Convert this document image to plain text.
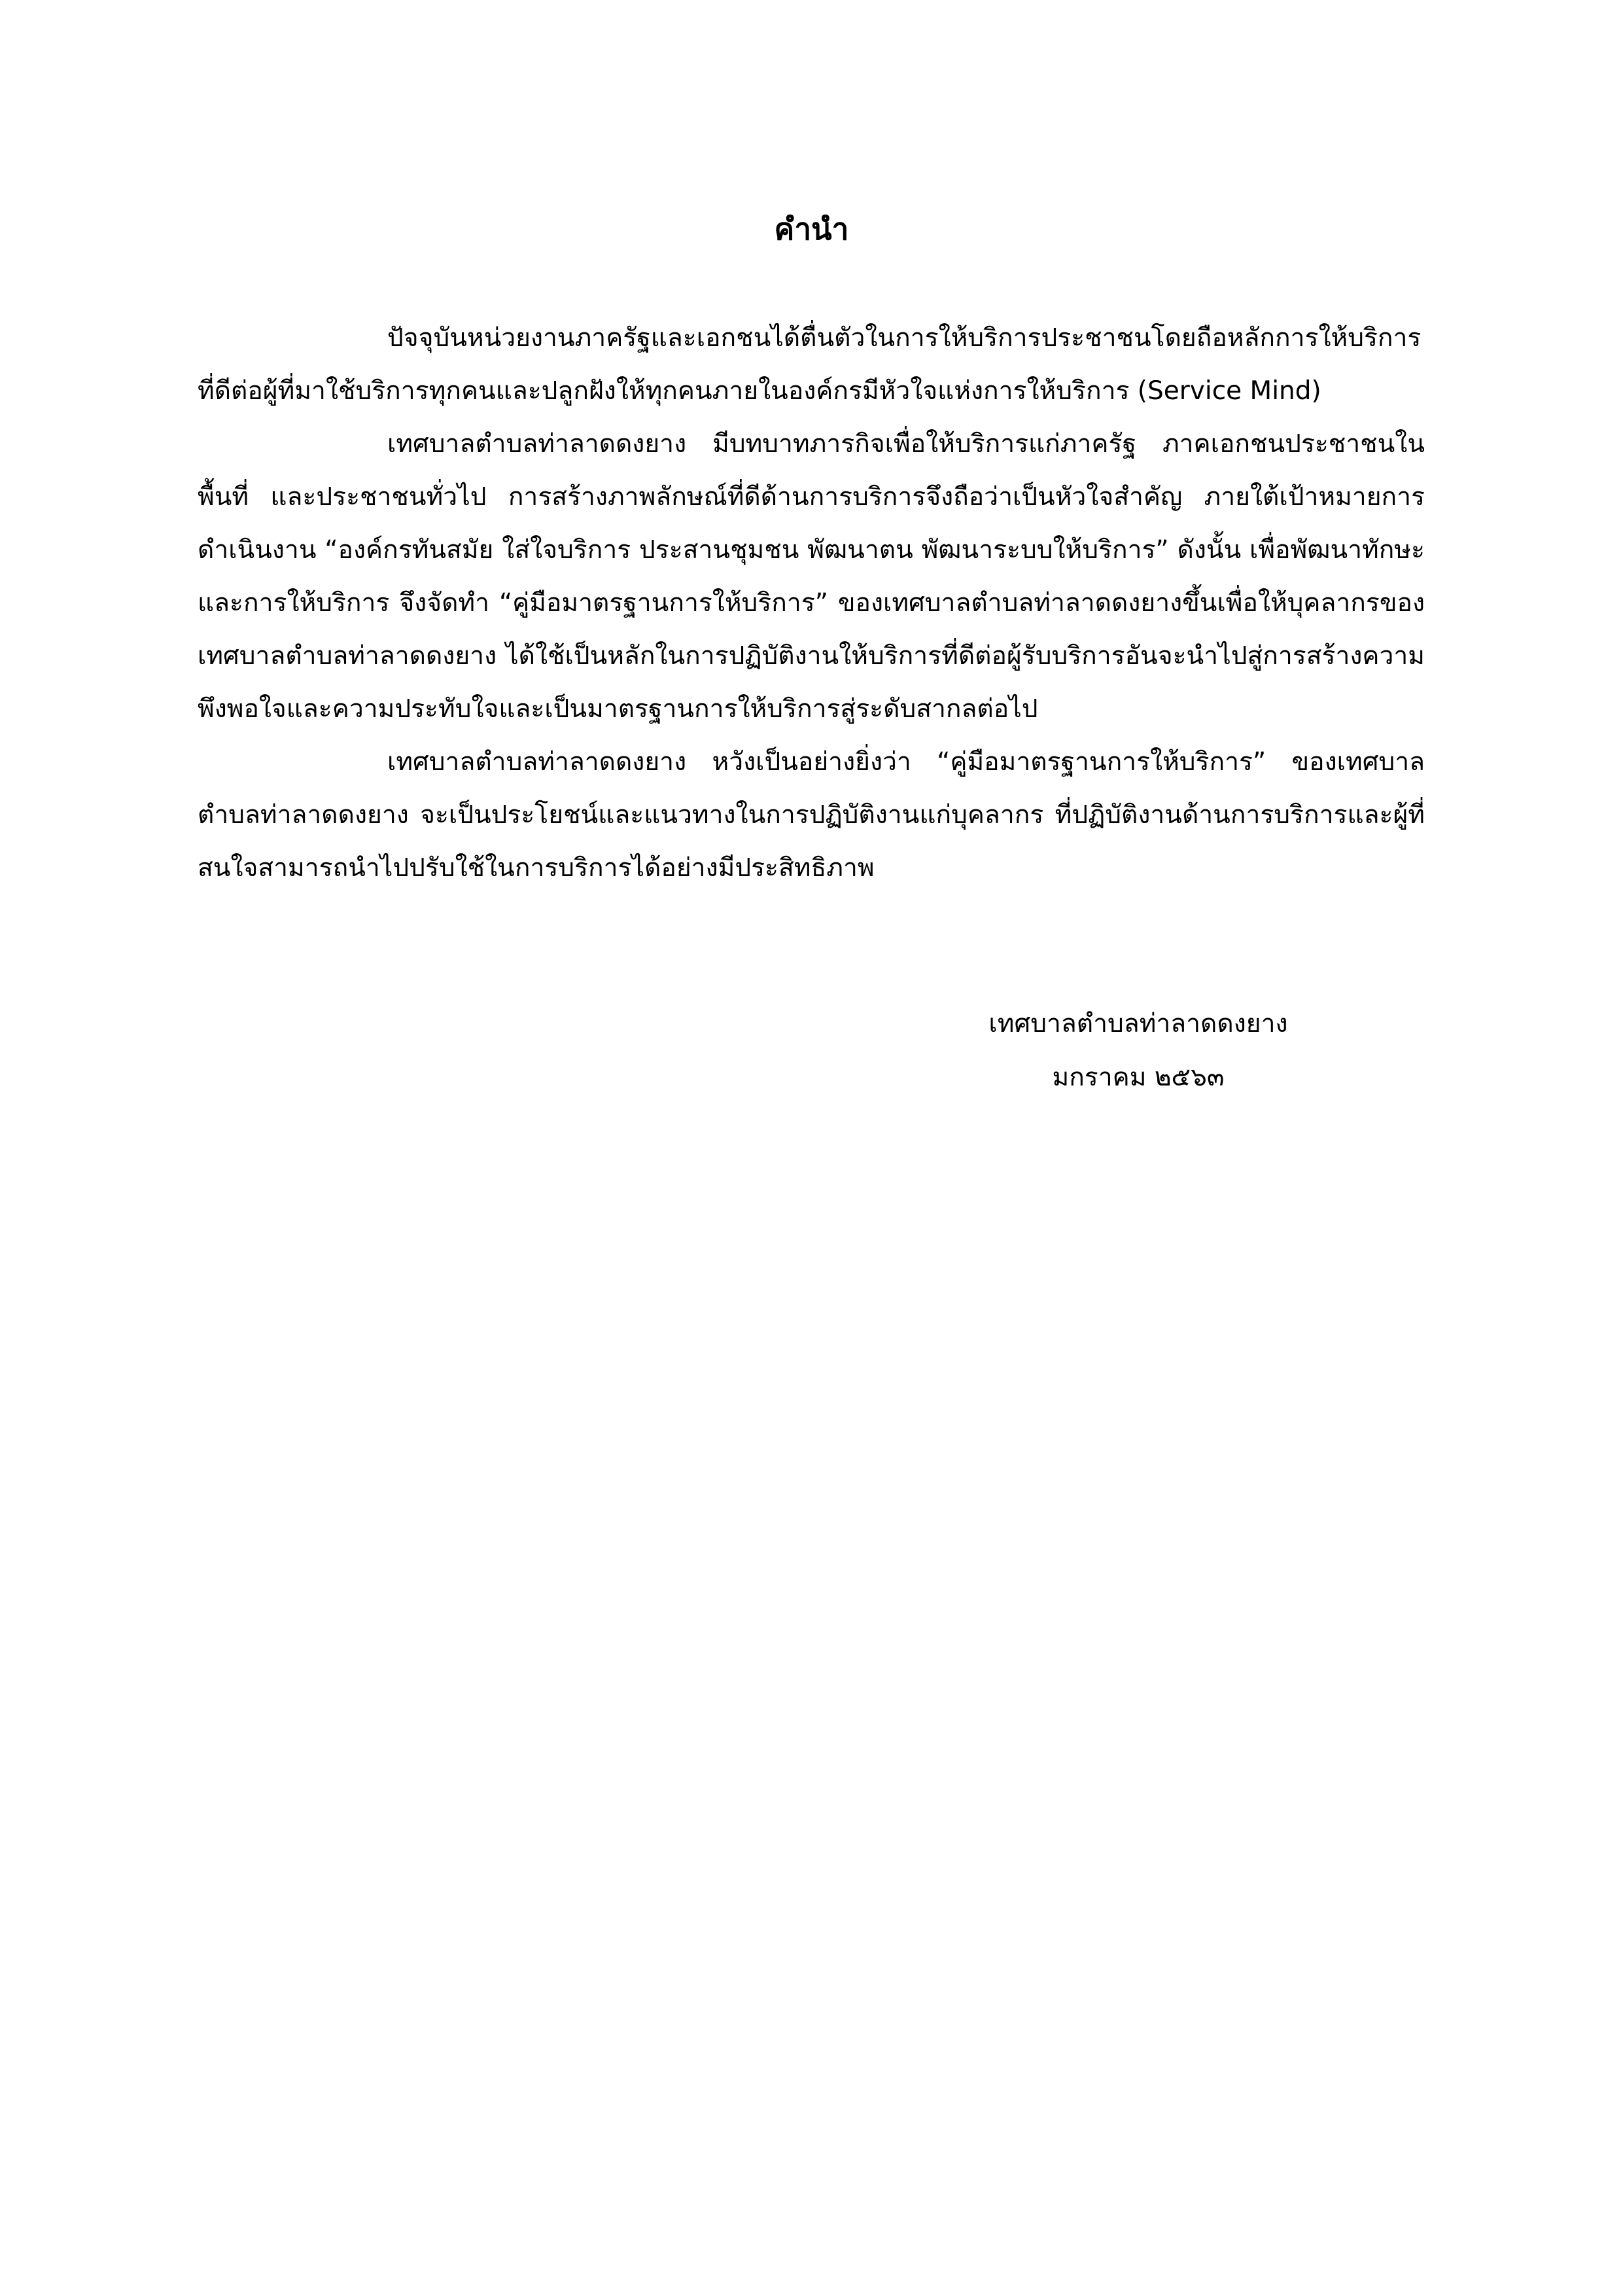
คำนำ

ปัจจุบันหน่วยงานภาครัฐและเอกชนได้ตื่นตัวในการให้บริการประชาชนโดยถือหลักการให้บริการที่ดีต่อผู้ที่มาใช้บริการทุกคนและปลูกฝังให้ทุกคนภายในองค์กรมีหัวใจแห่งการให้บริการ (Service Mind)

เทศบาลตำบลท่าลาดดงยาง มีบทบาทภารกิจเพื่อให้บริการแก่ภาครัฐ ภาคเอกชนประชาชนในพื้นที่ และประชาชนทั่วไป การสร้างภาพลักษณ์ที่ดีด้านการบริการจึงถือว่าเป็นหัวใจสำคัญ ภายใต้เป้าหมายการดำเนินงาน “องค์กรทันสมัย ใส่ใจบริการ ประสานชุมชน พัฒนาตน พัฒนาระบบให้บริการ” ดังนั้น เพื่อพัฒนาทักษะและการให้บริการ จึงจัดทำ “คู่มือมาตรฐานการให้บริการ” ของเทศบาลตำบลท่าลาดดงยางขึ้นเพื่อให้บุคลากรของเทศบาลตำบลท่าลาดดงยาง ได้ใช้เป็นหลักในการปฏิบัติงานให้บริการที่ดีต่อผู้รับบริการอันจะนำไปสู่การสร้างความพึงพอใจและความประทับใจและเป็นมาตรฐานการให้บริการสู่ระดับสากลต่อไป

เทศบาลตำบลท่าลาดดงยาง หวังเป็นอย่างยิ่งว่า “คู่มือมาตรฐานการให้บริการ” ของเทศบาลตำบลท่าลาดดงยาง จะเป็นประโยชน์และแนวทางในการปฏิบัติงานแก่บุคลากร ที่ปฏิบัติงานด้านการบริการและผู้ที่สนใจสามารถนำไปปรับใช้ในการบริการได้อย่างมีประสิทธิภาพ

เทศบาลตำบลท่าลาดดงยาง
มกราคม ๒๕๖๓
